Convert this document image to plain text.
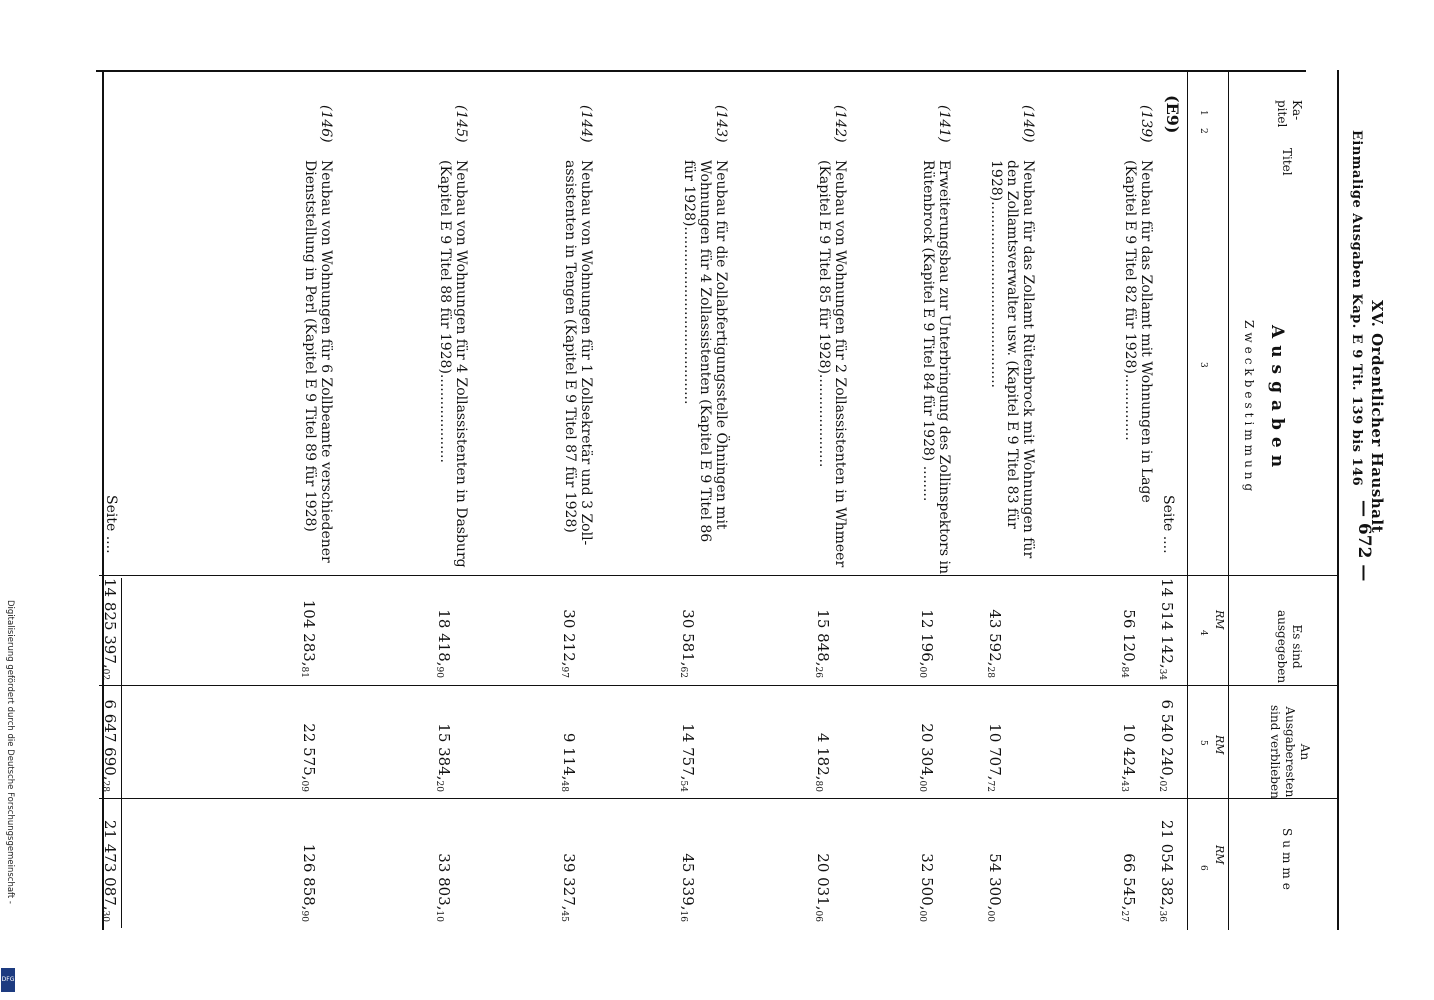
Digitalisierung gefördert durch die Deutsche Forschungsgemeinschaft -
DFG
XV. Ordentlicher Haushalt
Einmalige Ausgaben Kap. E 9 Tit. 139 bis 146
— 672 —
Ka-
pitel
Titel
Ausgaben
Zweckbestimmung
Es sind
ausgegeben
An
Ausgaberesten
sind verblieben
Summe
1
2
3
4
5
6
RM
RM
RM
(E9)
Seite ....
14 514 $142,_{34}$
6 540 $240,_{02}$
21 054 $382,_{36}$
(139)
Neubau für das Zollamt mit Wohnungen in Lage
(Kapitel E 9 Titel 82 für 1928)...............
56 $120,_{84}$
10 $424,_{43}$
66 $545,_{27}$
(140)
Neubau für das Zollamt Rütenbrock mit Wohnungen für
den Zollamtsverwalter usw. (Kapitel E 9 Titel 83 für
1928)..........................................
43 $592,_{28}$
10 $707,_{72}$
54 $300,_{00}$
(141)
Erweiterungsbau zur Unterbringung des Zollinspektors in
Rütenbrock (Kapitel E 9 Titel 84 für 1928) ........
12 $196,_{00}$
20 $304,_{00}$
32 $500,_{00}$
(142)
Neubau von Wohnungen für 2 Zollassistenten in Whmeer
(Kapitel E 9 Titel 85 für 1928).....................
15 $848,_{26}$
4 $182,_{80}$
20 $031,_{06}$
(143)
Neubau für die Zollabfertigungsstelle Öhningen mit
Wohnungen für 4 Zollassistenten (Kapitel E 9 Titel 86
für 1928)........................................
30 $581,_{62}$
14 $757,_{54}$
45 $339,_{16}$
(144)
Neubau von Wohnungen für 1 Zollsekretär und 3 Zoll-
assistenten in Tengen (Kapitel E 9 Titel 87 für 1928)
30 $212,_{97}$
9 $114,_{48}$
39 $327,_{45}$
(145)
Neubau von Wohnungen für 4 Zollassistenten in Dasburg
(Kapitel E 9 Titel 88 für 1928)....................
18 $418,_{90}$
15 $384,_{20}$
33 $803,_{10}$
(146)
Neubau von Wohnungen für 6 Zollbeamte verschiedener
Dienststellung in Perl (Kapitel E 9 Titel 89 für 1928)
104 $283,_{81}$
22 $575,_{09}$
126 $858,_{90}$
Seite ....
14 825 $397,_{02}$
6 647 $690,_{28}$
21 473 $087,_{30}$
